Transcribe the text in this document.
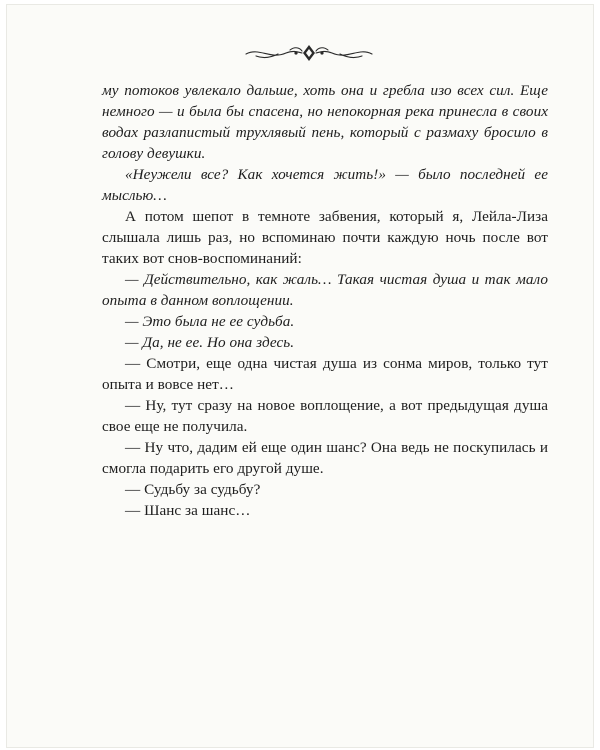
му потоков увлекало дальше, хоть она и гребла изо всех сил. Еще немного — и была бы спасена, но непокорная река принесла в своих водах разлапистый трухлявый пень, который с размаху бросило в голову девушки.

«Неужели все? Как хочется жить!» — было последней ее мыслью…

А потом шепот в темноте забвения, который я, Лейла-Лиза слышала лишь раз, но вспоминаю почти каждую ночь после вот таких вот снов-воспоминаний:

— Действительно, как жаль… Такая чистая душа и так мало опыта в данном воплощении.

— Это была не ее судьба.

— Да, не ее. Но она здесь.

— Смотри, еще одна чистая душа из сонма миров, только тут опыта и вовсе нет…

— Ну, тут сразу на новое воплощение, а вот предыдущая душа свое еще не получила.

— Ну что, дадим ей еще один шанс? Она ведь не поскупилась и смогла подарить его другой душе.

— Судьбу за судьбу?

— Шанс за шанс…
